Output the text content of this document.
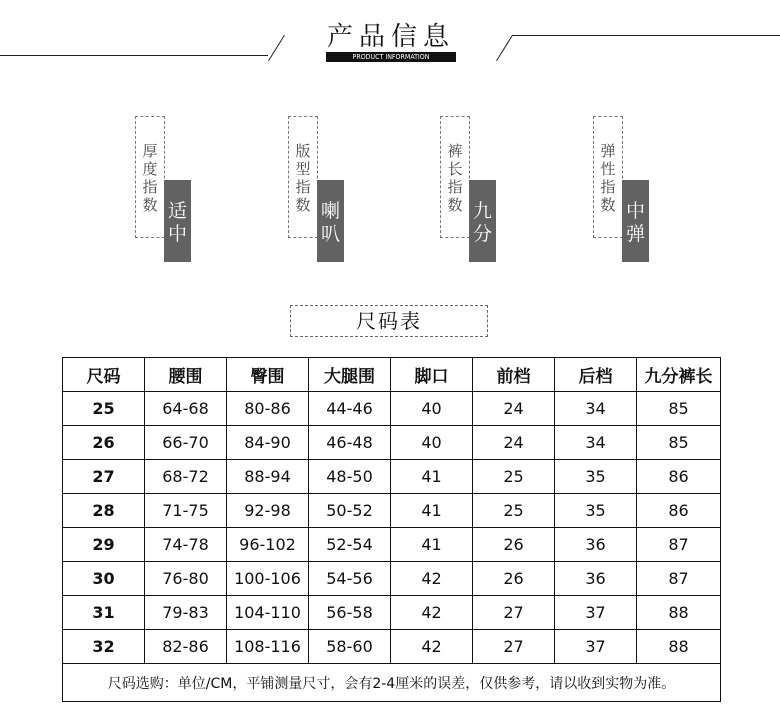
产品信息
PRODUCT INFORMATION
厚度指数 适中
版型指数 喇叭
裤长指数 九分
弹性指数 中弹
尺码表
尺码	腰围	臀围	大腿围	脚口	前档	后档	九分裤长
25	64-68	80-86	44-46	40	24	34	85
26	66-70	84-90	46-48	40	24	34	85
27	68-72	88-94	48-50	41	25	35	86
28	71-75	92-98	50-52	41	25	35	86
29	74-78	96-102	52-54	41	26	36	87
30	76-80	100-106	54-56	42	26	36	87
31	79-83	104-110	56-58	42	27	37	88
32	82-86	108-116	58-60	42	27	37	88
尺码选购：单位/CM，平铺测量尺寸，会有2-4厘米的误差，仅供参考，请以收到实物为准。							
